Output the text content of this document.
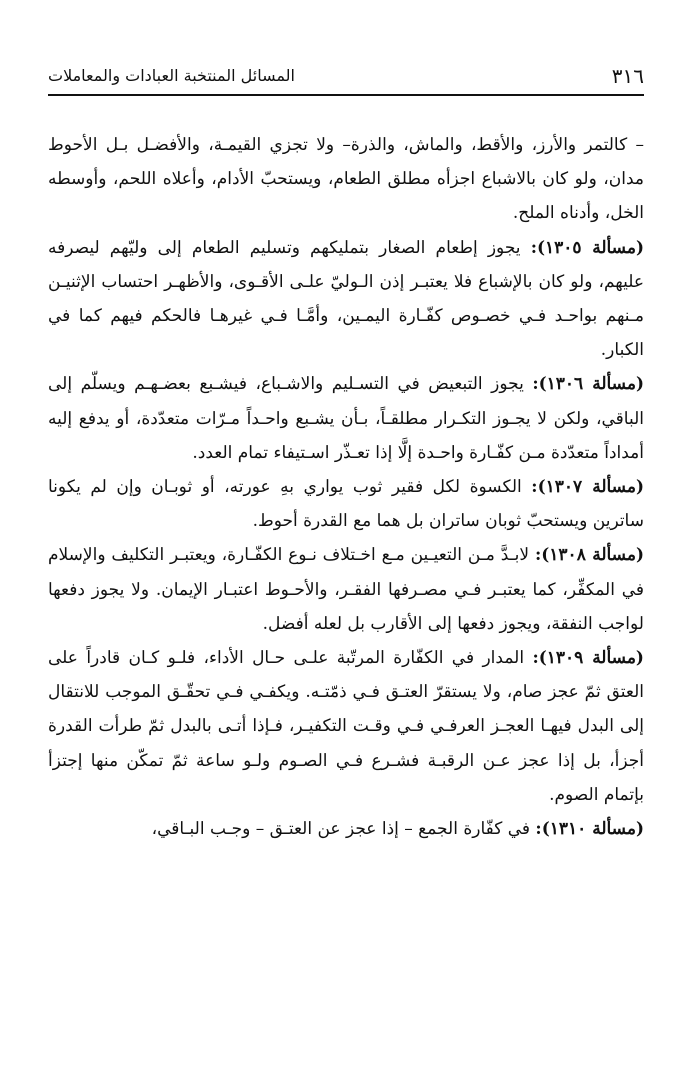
٣١٦
المسائل المنتخبة العبادات والمعاملات

– كالتمر والأرز، والأقط، والماش، والذرة– ولا تجزي القيمـة، والأفضـل بـل الأحوط مدان، ولو كان بالاشباع اجزأه مطلق الطعام، ويستحبّ الأدام، وأعلاه اللحم، وأوسطه الخل، وأدناه الملح.

(مسألة ١٣٠٥): يجوز إطعام الصغار بتمليكهم وتسليم الطعام إلى وليّهم ليصرفه عليهم، ولو كان بالإشباع فلا يعتبـر إذن الـوليّ علـى الأقـوى، والأظهـر احتساب الإثنيـن مـنهم بواحـد فـي خصـوص كفّـارة اليمـين، وأمَّـا فـي غيرهـا فالحكم فيهم كما في الكبار.

(مسألة ١٣٠٦): يجوز التبعيض في التسـليم والاشـباع، فيشـبع بعضـهـم ويسلّم إلى الباقي، ولكن لا يجـوز التكـرار مطلقـاً، بـأن يشـبع واحـداً مـرّات متعدّدة، أو يدفع إليه أمداداً متعدّدة مـن كفّـارة واحـدة إلَّا إذا تعـذّر اسـتيفاء تمام العدد.

(مسألة ١٣٠٧): الكسوة لكل فقير ثوب يواري بهِ عورته، أو ثوبـان وإن لم يكونا ساترين ويستحبّ ثوبان ساتران بل هما مع القدرة أحوط.

(مسألة ١٣٠٨): لابـدَّ مـن التعيـين مـع اخـتلاف نـوع الكفّـارة، ويعتبـر التكليف والإسلام في المكفِّر، كما يعتبـر فـي مصـرفها الفقـر، والأحـوط اعتبـار الإيمان. ولا يجوز دفعها لواجب النفقة، ويجوز دفعها إلى الأقارب بل لعله أفضل.

(مسألة ١٣٠٩): المدار في الكفّارة المرتّبة علـى حـال الأداء، فلـو كـان قادراً على العتق ثمّ عجز صام، ولا يستقرّ العتـق فـي ذمّتـه. ويكفـي فـي تحقّـق الموجب للانتقال إلى البدل فيهـا العجـز العرفـي فـي وقـت التكفيـر، فـإذا أتـى بالبدل ثمّ طرأت القدرة أجزأ، بل إذا عجز عـن الرقبـة فشـرع فـي الصـوم ولـو ساعة ثمّ تمكّن منها إجتزأ بإتمام الصوم.

(مسألة ١٣١٠): في كفّارة الجمع – إذا عجز عن العتـق – وجـب البـاقي،
